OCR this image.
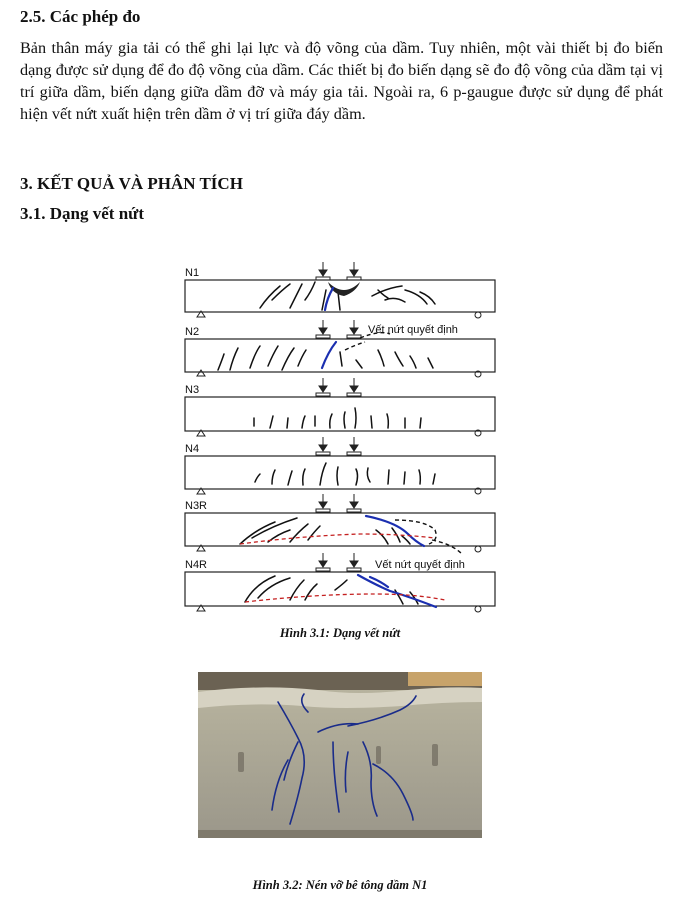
2.5. Các phép đo
Bản thân máy gia tải có thể ghi lại lực và độ võng của dầm. Tuy nhiên, một vài thiết bị đo biến dạng được sử dụng để đo độ võng của dầm. Các thiết bị đo biến dạng sẽ đo độ võng của dầm tại vị trí giữa dầm, biến dạng giữa dầm đỡ và máy gia tải. Ngoài ra, 6 p-gaugue được sử dụng để phát hiện vết nứt xuất hiện trên dầm ở vị trí giữa đáy dầm.
3. KẾT QUẢ VÀ PHÂN TÍCH
3.1. Dạng vết nứt
N1
N2
N3
N4
N3R
N4R
Vết nứt quyết định
Vết nứt quyết định
Hình 3.1: Dạng vết nứt
Hình 3.2: Nén vỡ bê tông dầm N1
